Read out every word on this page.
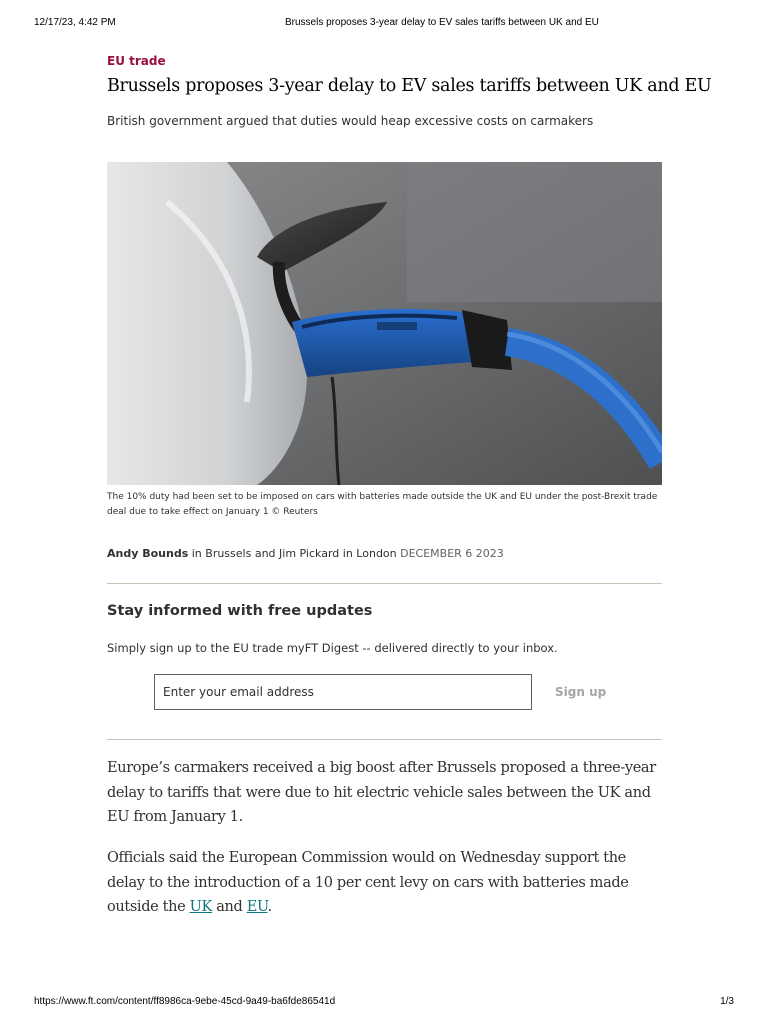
12/17/23, 4:42 PM	Brussels proposes 3-year delay to EV sales tariffs between UK and EU
EU trade
Brussels proposes 3-year delay to EV sales tariffs between UK and EU
British government argued that duties would heap excessive costs on carmakers
The 10% duty had been set to be imposed on cars with batteries made outside the UK and EU under the post-Brexit trade deal due to take effect on January 1 © Reuters
Andy Bounds in Brussels and Jim Pickard in London DECEMBER 6 2023
Stay informed with free updates
Simply sign up to the EU trade myFT Digest -- delivered directly to your inbox.
Enter your email address	Sign up

Europe’s carmakers received a big boost after Brussels proposed a three-year delay to tariffs that were due to hit electric vehicle sales between the UK and EU from January 1.

Officials said the European Commission would on Wednesday support the delay to the introduction of a 10 per cent levy on cars with batteries made outside the UK and EU.

https://www.ft.com/content/ff8986ca-9ebe-45cd-9a49-ba6fde86541d	1/3
